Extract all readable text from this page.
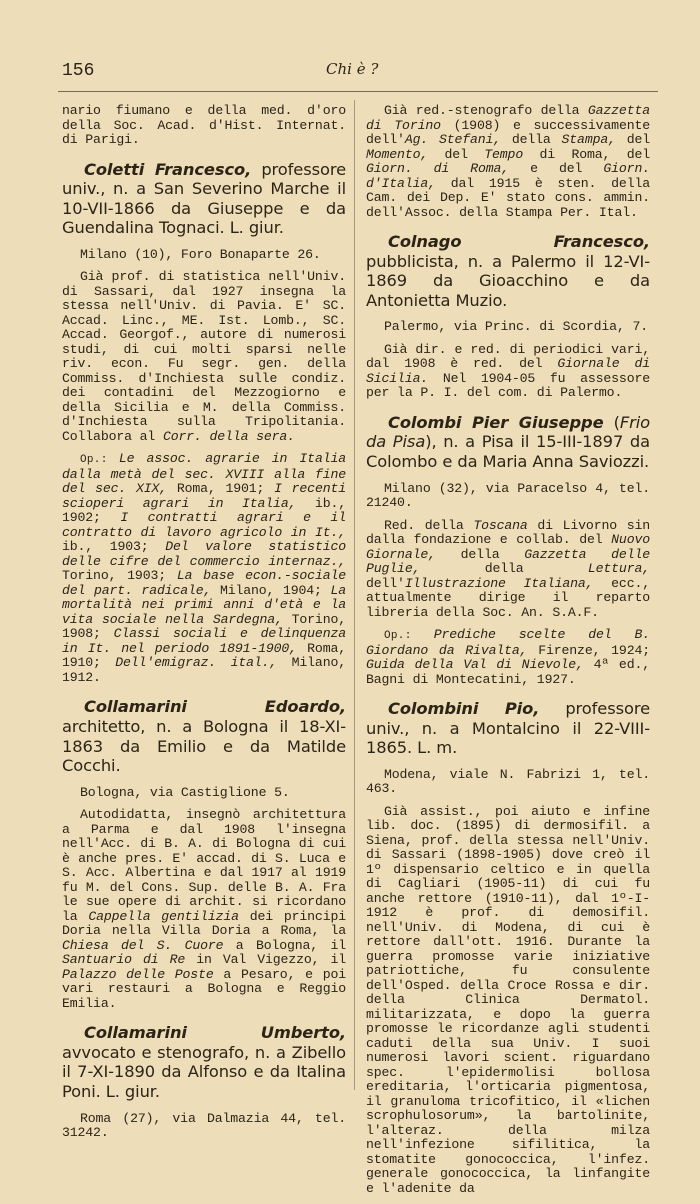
156	Chi è ?

nario fiumano e della med. d'oro della Soc. Acad. d'Hist. Internat. di Parigi.

Coletti Francesco, professore univ., n. a San Severino Marche il 10-VII-1866 da Giuseppe e da Guendalina Tognaci. L. giur.

Milano (10), Foro Bonaparte 26.

Già prof. di statistica nell'Univ. di Sassari, dal 1927 insegna la stessa nell'Univ. di Pavia. E' SC. Accad. Linc., ME. Ist. Lomb., SC. Accad. Georgof., autore di numerosi studi, di cui molti sparsi nelle riv. econ. Fu segr. gen. della Commiss. d'Inchiesta sulle condiz. dei contadini del Mezzogiorno e della Sicilia e M. della Commiss. d'Inchiesta sulla Tripolitania. Collabora al Corr. della sera.

Op.: Le assoc. agrarie in Italia dalla metà del sec. XVIII alla fine del sec. XIX, Roma, 1901; I recenti scioperi agrari in Italia, ib., 1902; I contratti agrari e il contratto di lavoro agricolo in It., ib., 1903; Del valore statistico delle cifre del commercio internaz., Torino, 1903; La base econ.-sociale del part. radicale, Milano, 1904; La mortalità nei primi anni d'età e la vita sociale nella Sardegna, Torino, 1908; Classi sociali e delinquenza in It. nel periodo 1891-1900, Roma, 1910; Dell'emigraz. ital., Milano, 1912.

Collamarini Edoardo, architetto, n. a Bologna il 18-XI-1863 da Emilio e da Matilde Cocchi.

Bologna, via Castiglione 5.

Autodidatta, insegnò architettura a Parma e dal 1908 l'insegna nell'Acc. di B. A. di Bologna di cui è anche pres. E' accad. di S. Luca e S. Acc. Albertina e dal 1917 al 1919 fu M. del Cons. Sup. delle B. A. Fra le sue opere di archit. si ricordano la Cappella gentilizia dei principi Doria nella Villa Doria a Roma, la Chiesa del S. Cuore a Bologna, il Santuario di Re in Val Vigezzo, il Palazzo delle Poste a Pesaro, e poi vari restauri a Bologna e Reggio Emilia.

Collamarini Umberto, avvocato e stenografo, n. a Zibello il 7-XI-1890 da Alfonso e da Italina Poni. L. giur.

Roma (27), via Dalmazia 44, tel. 31242.

Già red.-stenografo della Gazzetta di Torino (1908) e successivamente dell'Ag. Stefani, della Stampa, del Momento, del Tempo di Roma, del Giorn. di Roma, e del Giorn. d'Italia, dal 1915 è sten. della Cam. dei Dep. E' stato cons. ammin. dell'Assoc. della Stampa Per. Ital.

Colnago Francesco, pubblicista, n. a Palermo il 12-VI-1869 da Gioacchino e da Antonietta Muzio.

Palermo, via Princ. di Scordia, 7.

Già dir. e red. di periodici vari, dal 1908 è red. del Giornale di Sicilia. Nel 1904-05 fu assessore per la P. I. del com. di Palermo.

Colombi Pier Giuseppe (Frio da Pisa), n. a Pisa il 15-III-1897 da Colombo e da Maria Anna Saviozzi.

Milano (32), via Paracelso 4, tel. 21240.

Red. della Toscana di Livorno sin dalla fondazione e collab. del Nuovo Giornale, della Gazzetta delle Puglie, della Lettura, dell'Illustrazione Italiana, ecc., attualmente dirige il reparto libreria della Soc. An. S.A.F.

Op.: Prediche scelte del B. Giordano da Rivalta, Firenze, 1924; Guida della Val di Nievole, 4ª ed., Bagni di Montecatini, 1927.

Colombini Pio, professore univ., n. a Montalcino il 22-VIII-1865. L. m.

Modena, viale N. Fabrizi 1, tel. 463.

Già assist., poi aiuto e infine lib. doc. (1895) di dermosifil. a Siena, prof. della stessa nell'Univ. di Sassari (1898-1905) dove creò il 1º dispensario celtico e in quella di Cagliari (1905-11) di cui fu anche rettore (1910-11), dal 1º-I-1912 è prof. di demosifil. nell'Univ. di Modena, di cui è rettore dall'ott. 1916. Durante la guerra promosse varie iniziative patriottiche, fu consulente dell'Osped. della Croce Rossa e dir. della Clinica Dermatol. militarizzata, e dopo la guerra promosse le ricordanze agli studenti caduti della sua Univ. I suoi numerosi lavori scient. riguardano spec. l'epidermolisi bollosa ereditaria, l'orticaria pigmentosa, il granuloma tricofitico, il «lichen scrophulosorum», la bartolinite, l'alteraz. della milza nell'infezione sifilitica, la stomatite gonococcica, l'infez. generale gonococcica, la linfangite e l'adenite da
